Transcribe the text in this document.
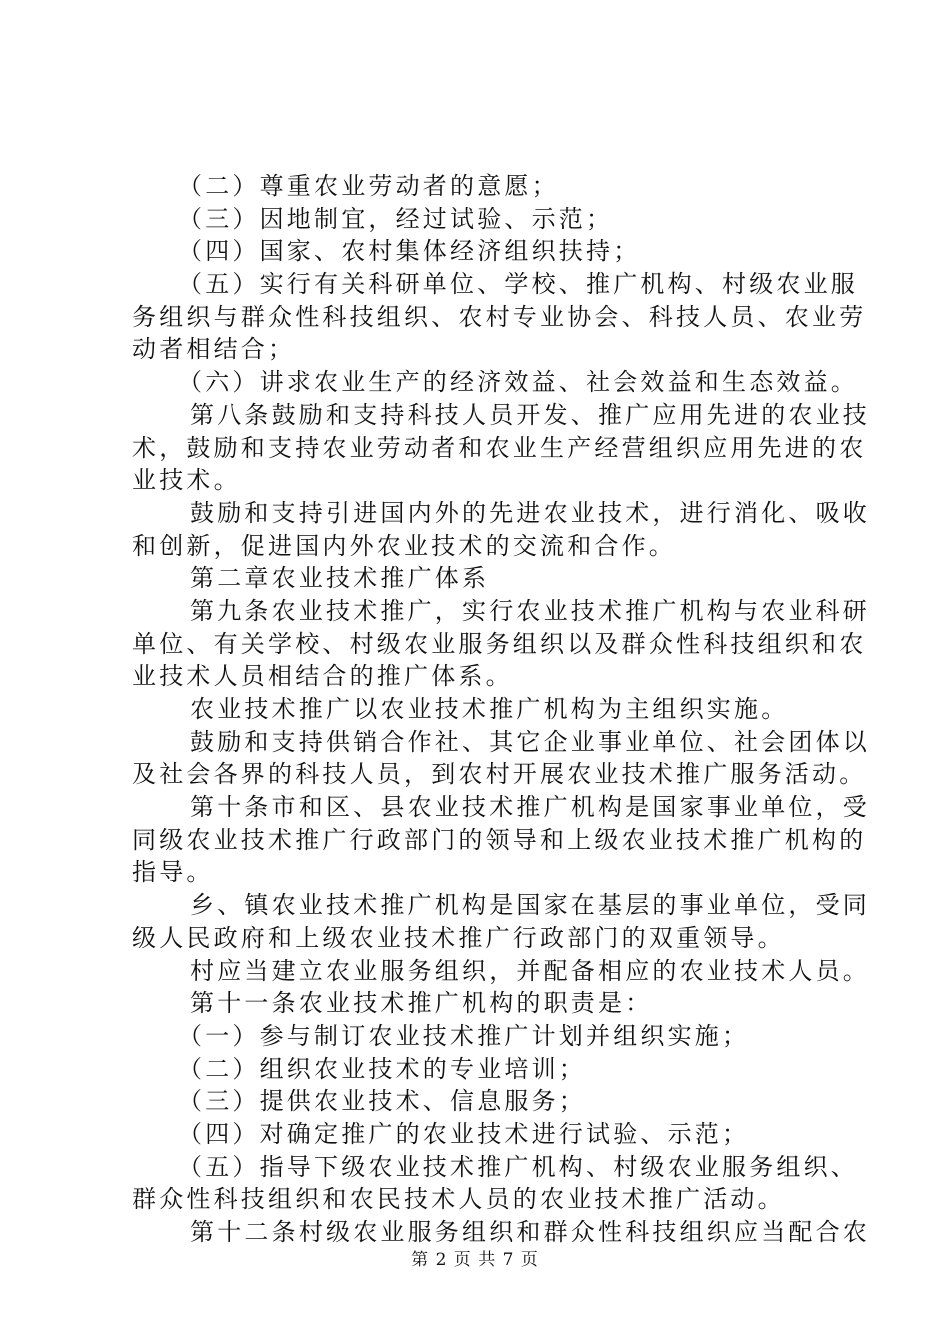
（二）尊重农业劳动者的意愿；
（三）因地制宜，经过试验、示范；
（四）国家、农村集体经济组织扶持；
（五）实行有关科研单位、学校、推广机构、村级农业服
务组织与群众性科技组织、农村专业协会、科技人员、农业劳
动者相结合；
（六）讲求农业生产的经济效益、社会效益和生态效益。
第八条鼓励和支持科技人员开发、推广应用先进的农业技
术，鼓励和支持农业劳动者和农业生产经营组织应用先进的农
业技术。
鼓励和支持引进国内外的先进农业技术，进行消化、吸收
和创新，促进国内外农业技术的交流和合作。
第二章农业技术推广体系
第九条农业技术推广，实行农业技术推广机构与农业科研
单位、有关学校、村级农业服务组织以及群众性科技组织和农
业技术人员相结合的推广体系。
农业技术推广以农业技术推广机构为主组织实施。
鼓励和支持供销合作社、其它企业事业单位、社会团体以
及社会各界的科技人员，到农村开展农业技术推广服务活动。
第十条市和区、县农业技术推广机构是国家事业单位，受
同级农业技术推广行政部门的领导和上级农业技术推广机构的
指导。
乡、镇农业技术推广机构是国家在基层的事业单位，受同
级人民政府和上级农业技术推广行政部门的双重领导。
村应当建立农业服务组织，并配备相应的农业技术人员。
第十一条农业技术推广机构的职责是：
（一）参与制订农业技术推广计划并组织实施；
（二）组织农业技术的专业培训；
（三）提供农业技术、信息服务；
（四）对确定推广的农业技术进行试验、示范；
（五）指导下级农业技术推广机构、村级农业服务组织、
群众性科技组织和农民技术人员的农业技术推广活动。
第十二条村级农业服务组织和群众性科技组织应当配合农
第 2 页 共 7 页
